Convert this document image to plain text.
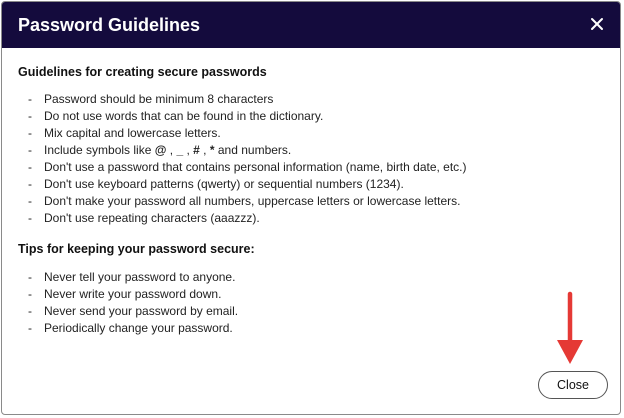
Password Guidelines

Guidelines for creating secure passwords

- Password should be minimum 8 characters
- Do not use words that can be found in the dictionary.
- Mix capital and lowercase letters.
- Include symbols like @ , _ , # , * and numbers.
- Don't use a password that contains personal information (name, birth date, etc.)
- Don't use keyboard patterns (qwerty) or sequential numbers (1234).
- Don't make your password all numbers, uppercase letters or lowercase letters.
- Don't use repeating characters (aaazzz).

Tips for keeping your password secure:

- Never tell your password to anyone.
- Never write your password down.
- Never send your password by email.
- Periodically change your password.
Close
